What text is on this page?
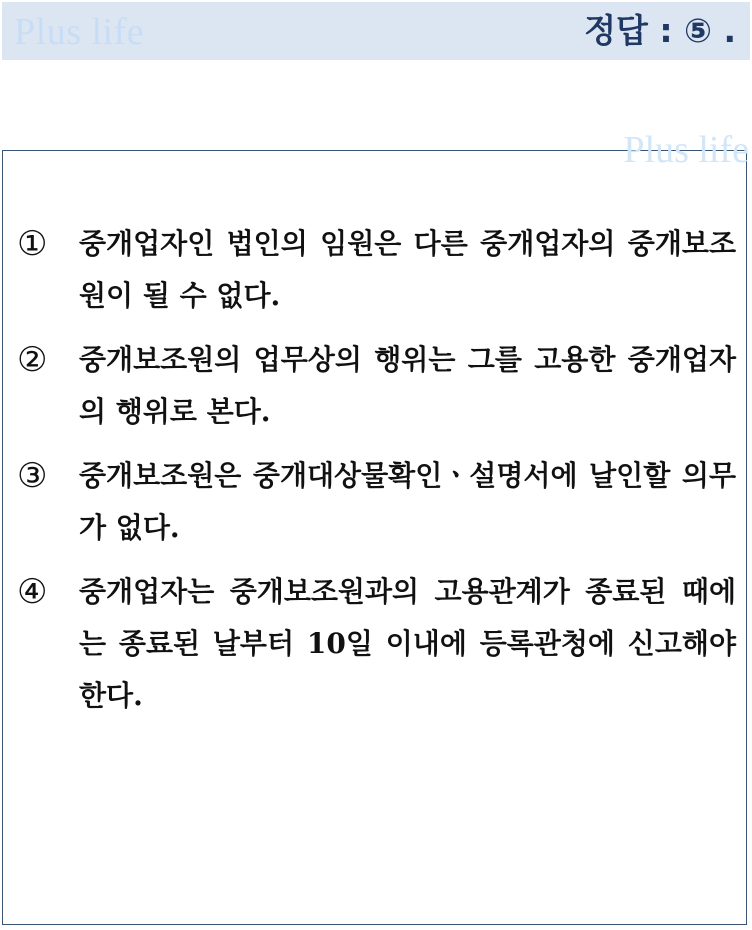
Plus life	정답 : ⑤ .
① 중개업자인 법인의 임원은 다른 중개업자의 중개보조원이 될 수 없다.
② 중개보조원의 업무상의 행위는 그를 고용한 중개업자의 행위로 본다.
③ 중개보조원은 중개대상물확인ㆍ설명서에 날인할 의무가 없다.
④ 중개업자는 중개보조원과의 고용관계가 종료된 때에는 종료된 날부터 10일 이내에 등록관청에 신고해야 한다.
Plus life
